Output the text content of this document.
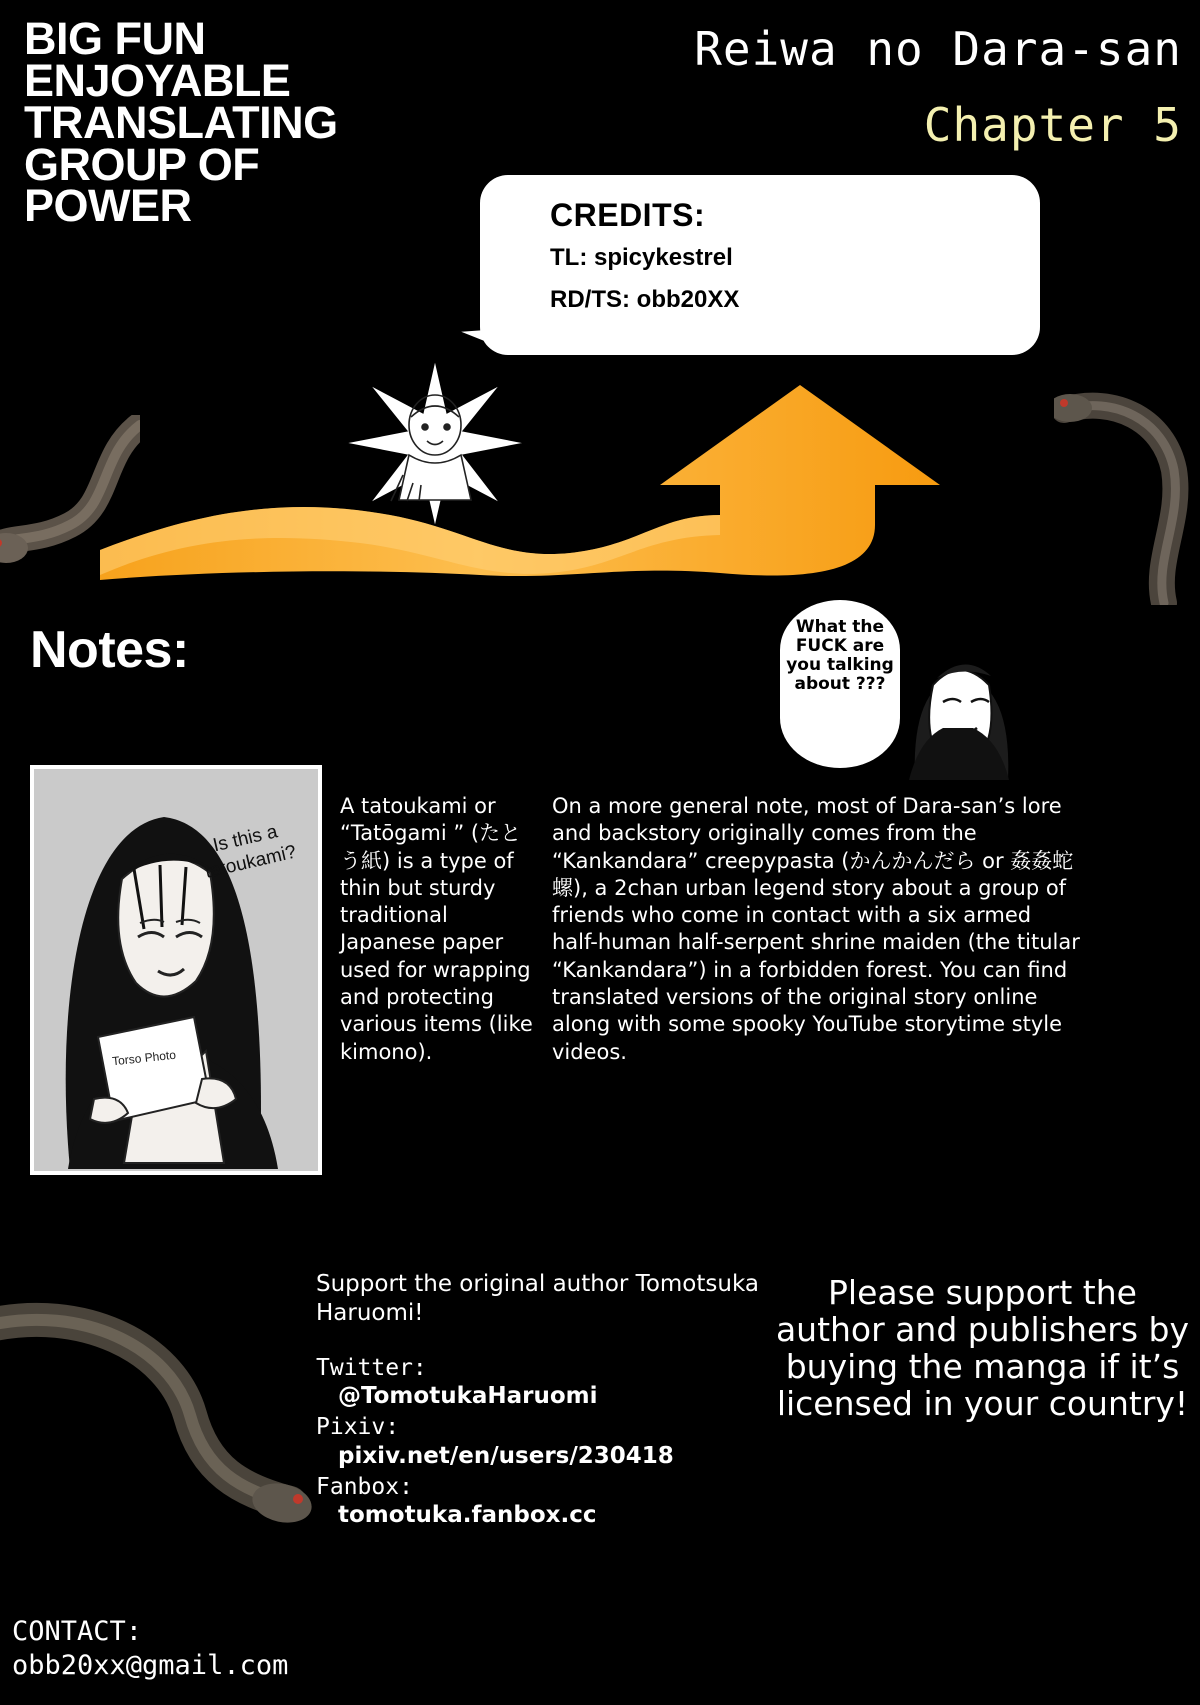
BIG FUN
ENJOYABLE
TRANSLATING
GROUP OF
POWER
Reiwa no Dara-san
Chapter 5
CREDITS:
TL: spicykestrel
RD/TS: obb20XX
Notes:	What the FUCK are you talking about ???
Is this a tatoukami?
Torso Photo
A tatoukami or “Tatōgami ” (たとう紙) is a type of thin but sturdy traditional Japanese paper used for wrapping and protecting various items (like kimono).
On a more general note, most of Dara-san’s lore and backstory originally comes from the “Kankandara” creepypasta (かんかんだら or 姦姦蛇螺), a 2chan urban legend story about a group of friends who come in contact with a six armed half-human half-serpent shrine maiden (the titular “Kankandara”) in a forbidden forest. You can find translated versions of the original story online along with some spooky YouTube storytime style videos.
Support the original author Tomotsuka Haruomi!
Twitter:
@TomotukaHaruomi
Pixiv:
pixiv.net/en/users/230418
Fanbox:
tomotuka.fanbox.cc
Please support the author and publishers by buying the manga if it’s licensed in your country!
CONTACT:
obb20xx@gmail.com
